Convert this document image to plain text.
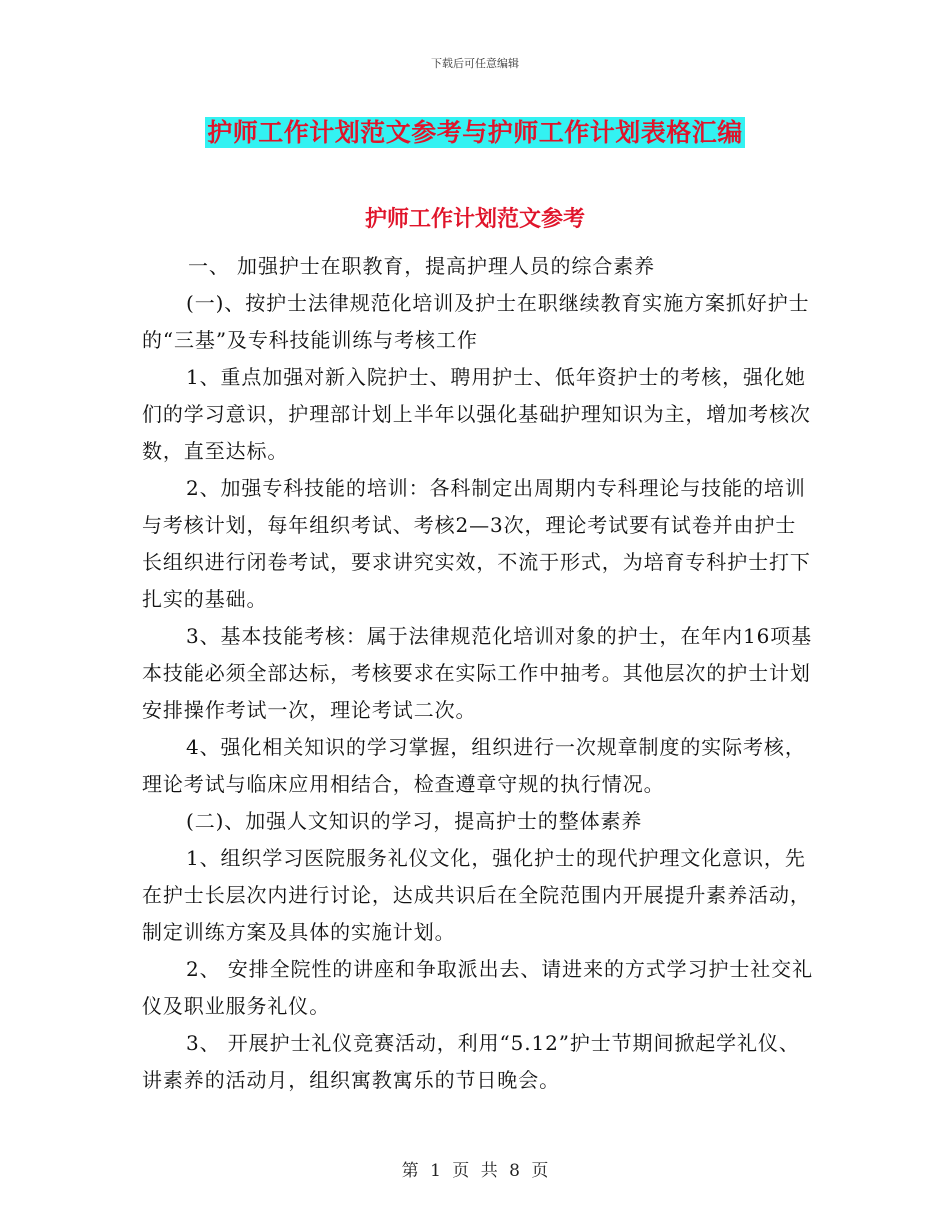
下载后可任意编辑
护师工作计划范文参考与护师工作计划表格汇编
护师工作计划范文参考

一、 加强护士在职教育，提高护理人员的综合素养

(一)、按护士法律规范化培训及护士在职继续教育实施方案抓好护士的“三基”及专科技能训练与考核工作

1、重点加强对新入院护士、聘用护士、低年资护士的考核，强化她们的学习意识，护理部计划上半年以强化基础护理知识为主，增加考核次数，直至达标。

2、加强专科技能的培训：各科制定出周期内专科理论与技能的培训与考核计划，每年组织考试、考核2—3次，理论考试要有试卷并由护士长组织进行闭卷考试，要求讲究实效，不流于形式，为培育专科护士打下扎实的基础。

3、基本技能考核：属于法律规范化培训对象的护士，在年内16项基本技能必须全部达标，考核要求在实际工作中抽考。其他层次的护士计划安排操作考试一次，理论考试二次。

4、强化相关知识的学习掌握，组织进行一次规章制度的实际考核，理论考试与临床应用相结合，检查遵章守规的执行情况。

(二)、加强人文知识的学习，提高护士的整体素养

1、组织学习医院服务礼仪文化，强化护士的现代护理文化意识，先在护士长层次内进行讨论，达成共识后在全院范围内开展提升素养活动，制定训练方案及具体的实施计划。

2、 安排全院性的讲座和争取派出去、请进来的方式学习护士社交礼仪及职业服务礼仪。

3、 开展护士礼仪竞赛活动，利用“5.12”护士节期间掀起学礼仪、讲素养的活动月，组织寓教寓乐的节日晚会。

第 1 页 共 8 页
